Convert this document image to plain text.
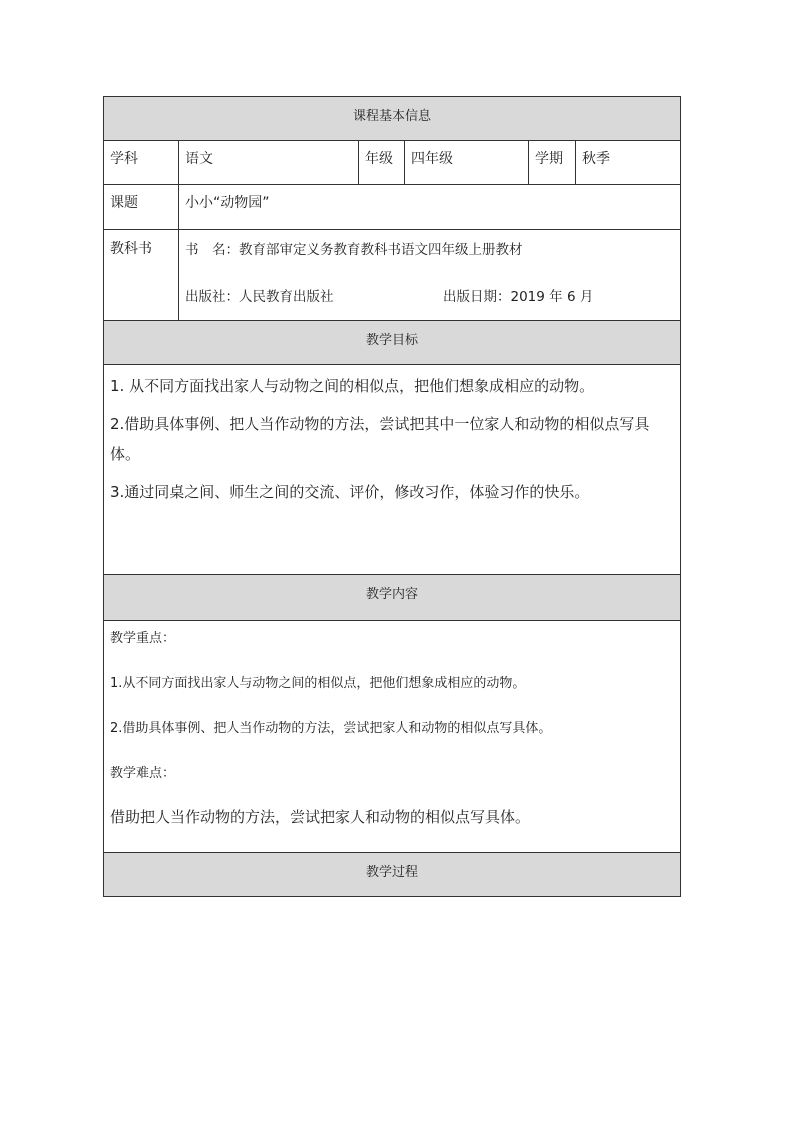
课程基本信息					
学科	语文	年级	四年级	学期	秋季
课题	小小“动物园”				
教科书	书　名：教育部审定义务教育教科书语文四年级上册教材
出版社：人民教育出版社 出版日期：2019 年 6 月				

教学目标					

1. 从不同方面找出家人与动物之间的相似点，把他们想象成相应的动物。

2.借助具体事例、把人当作动物的方法，尝试把其中一位家人和动物的相似点写具体。

3.通过同桌之间、师生之间的交流、评价，修改习作，体验习作的快乐。					

教学内容					

教学重点：

1.从不同方面找出家人与动物之间的相似点，把他们想象成相应的动物。

2.借助具体事例、把人当作动物的方法，尝试把家人和动物的相似点写具体。

教学难点：

借助把人当作动物的方法，尝试把家人和动物的相似点写具体。					

教学过程					
